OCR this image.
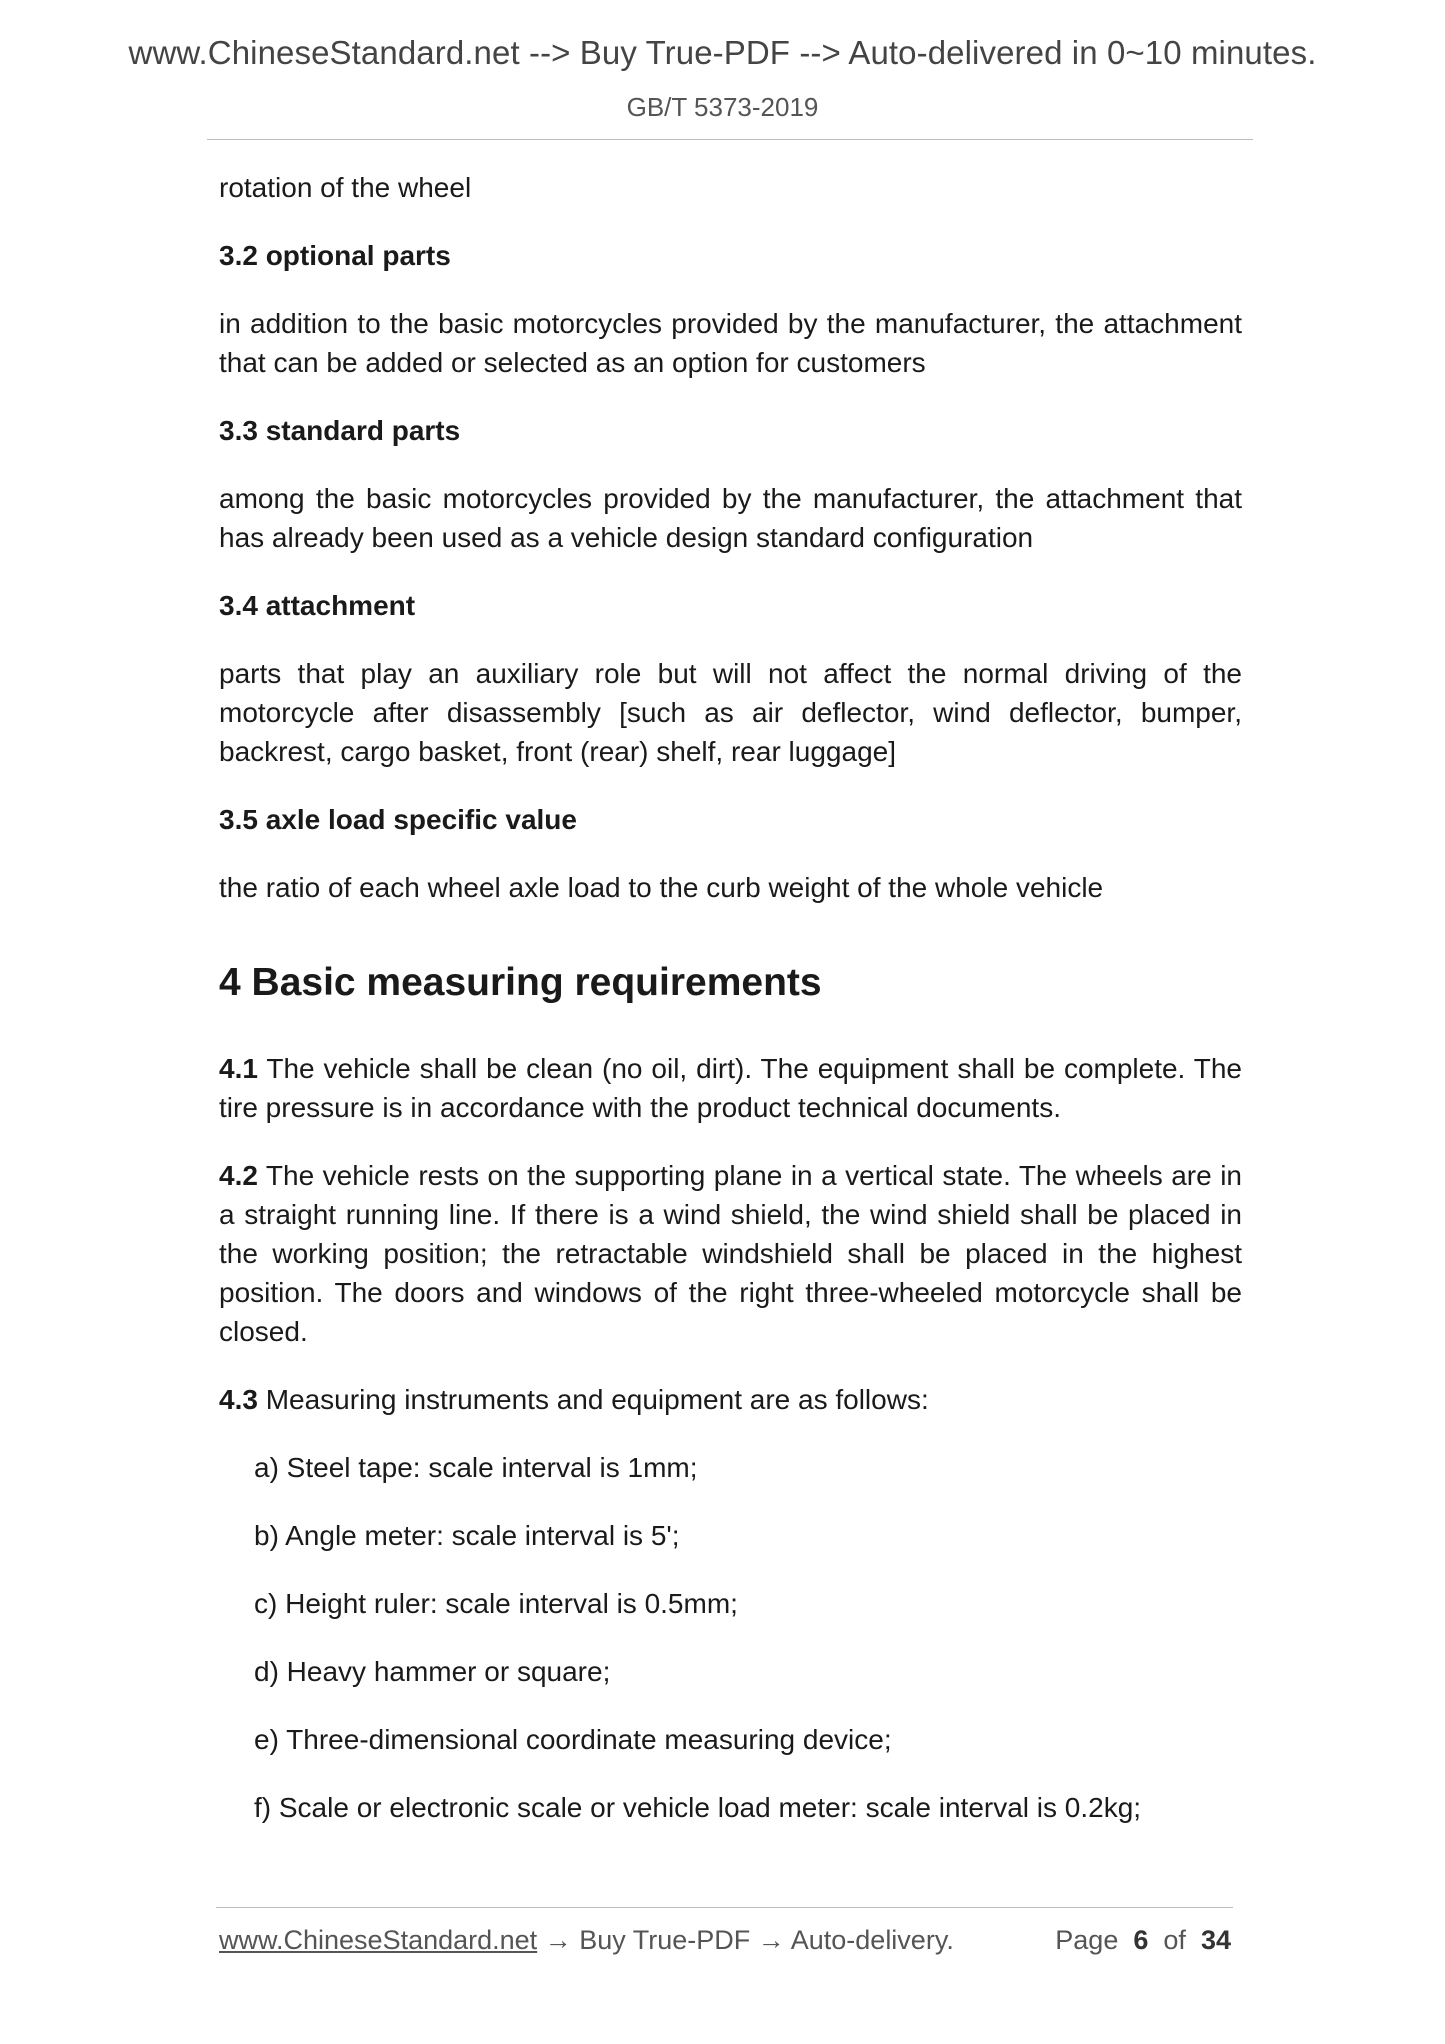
www.ChineseStandard.net --> Buy True-PDF --> Auto-delivered in 0~10 minutes.
GB/T 5373-2019

rotation of the wheel

3.2 optional parts

in addition to the basic motorcycles provided by the manufacturer, the attachment that can be added or selected as an option for customers

3.3 standard parts

among the basic motorcycles provided by the manufacturer, the attachment that has already been used as a vehicle design standard configuration

3.4 attachment

parts that play an auxiliary role but will not affect the normal driving of the motorcycle after disassembly [such as air deflector, wind deflector, bumper, backrest, cargo basket, front (rear) shelf, rear luggage]

3.5 axle load specific value

the ratio of each wheel axle load to the curb weight of the whole vehicle

4 Basic measuring requirements

4.1 The vehicle shall be clean (no oil, dirt). The equipment shall be complete. The tire pressure is in accordance with the product technical documents.

4.2 The vehicle rests on the supporting plane in a vertical state. The wheels are in a straight running line. If there is a wind shield, the wind shield shall be placed in the working position; the retractable windshield shall be placed in the highest position. The doors and windows of the right three-wheeled motorcycle shall be closed.

4.3 Measuring instruments and equipment are as follows:

a) Steel tape: scale interval is 1mm;
b) Angle meter: scale interval is 5';
c) Height ruler: scale interval is 0.5mm;
d) Heavy hammer or square;
e) Three-dimensional coordinate measuring device;
f) Scale or electronic scale or vehicle load meter: scale interval is 0.2kg;
www.ChineseStandard.net → Buy True-PDF → Auto-delivery.	Page 6 of 34
